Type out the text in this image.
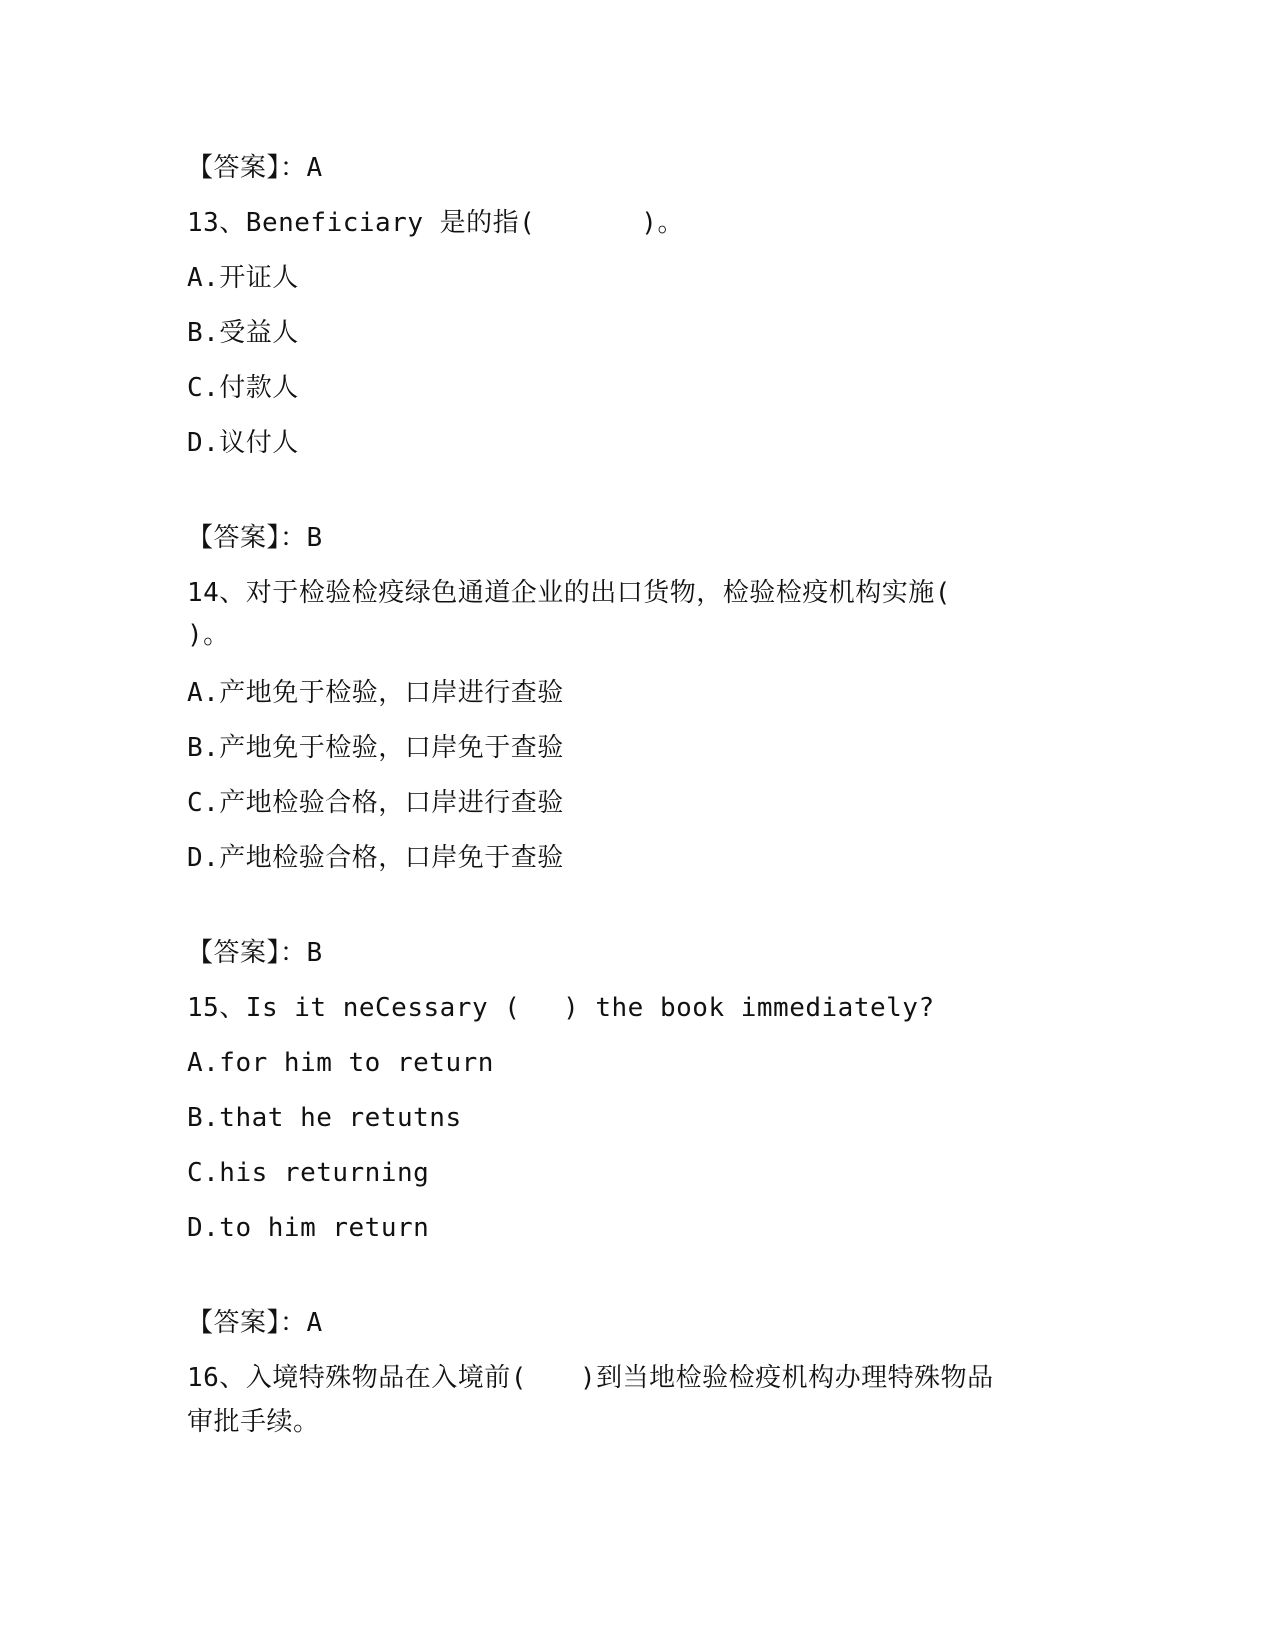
【答案】：A
13、Beneficiary 是的指(　　　　)。
A.开证人
B.受益人
C.付款人
D.议付人
【答案】：B
14、对于检验检疫绿色通道企业的出口货物，检验检疫机构实施(
)。
A.产地免于检验，口岸进行查验
B.产地免于检验，口岸免于查验
C.产地检验合格，口岸进行查验
D.产地检验合格，口岸免于查验
【答案】：B
15、Is it neCessary (　 ) the book immediately?
A.for him to return
B.that he retutns
C.his returning
D.to him return
【答案】：A
16、入境特殊物品在入境前(　　)到当地检验检疫机构办理特殊物品
审批手续。
